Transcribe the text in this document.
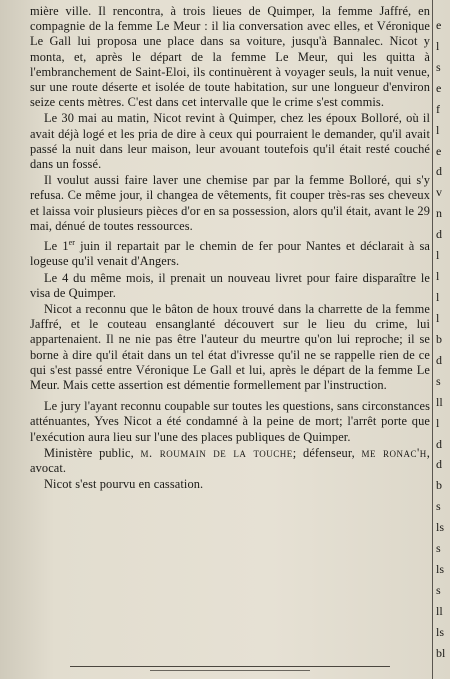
mière ville. Il rencontra, à trois lieues de Quimper, la femme Jaffré, en compagnie de la femme Le Meur : il lia conversation avec elles, et Véronique Le Gall lui proposa une place dans sa voiture, jusqu'à Bannalec. Nicot y monta, et, après le départ de la femme Le Meur, qui les quitta à l'embranchement de Saint-Eloi, ils continuèrent à voyager seuls, la nuit venue, sur une route déserte et isolée de toute habitation, sur une longueur d'environ seize cents mètres. C'est dans cet intervalle que le crime s'est commis.

Le 30 mai au matin, Nicot revint à Quimper, chez les époux Bolloré, où il avait déjà logé et les pria de dire à ceux qui pourraient le demander, qu'il avait passé la nuit dans leur maison, leur avouant toutefois qu'il était resté couché dans un fossé.

Il voulut aussi faire laver une chemise par par la femme Bolloré, qui s'y refusa. Ce même jour, il changea de vêtements, fit couper très-ras ses cheveux et laissa voir plusieurs pièces d'or en sa possession, alors qu'il était, avant le 29 mai, dénué de toutes ressources.

Le 1er juin il repartait par le chemin de fer pour Nantes et déclarait à sa logeuse qu'il venait d'Angers.

Le 4 du même mois, il prenait un nouveau livret pour faire disparaître le visa de Quimper.

Nicot a reconnu que le bâton de houx trouvé dans la charrette de la femme Jaffré, et le couteau ensanglanté découvert sur le lieu du crime, lui appartenaient. Il ne nie pas être l'auteur du meurtre qu'on lui reproche; il se borne à dire qu'il était dans un tel état d'ivresse qu'il ne se rappelle rien de ce qui s'est passé entre Véronique Le Gall et lui, après le départ de la femme Le Meur. Mais cette assertion est démentie formellement par l'instruction.

Le jury l'ayant reconnu coupable sur toutes les questions, sans circonstances atténuantes, Yves Nicot a été condamné à la peine de mort; l'arrêt porte que l'exécution aura lieu sur l'une des places publiques de Quimper.

Ministère public, m. roumain de la touche; défenseur, me ronac'h, avocat.

Nicot s'est pourvu en cassation.

e
l
s
e
f
l
e
d
v
n
d
l
l
l
l
b
d
s
ll
l
d
d
b
s
ls
s
ls
s
ll
ls
bl
